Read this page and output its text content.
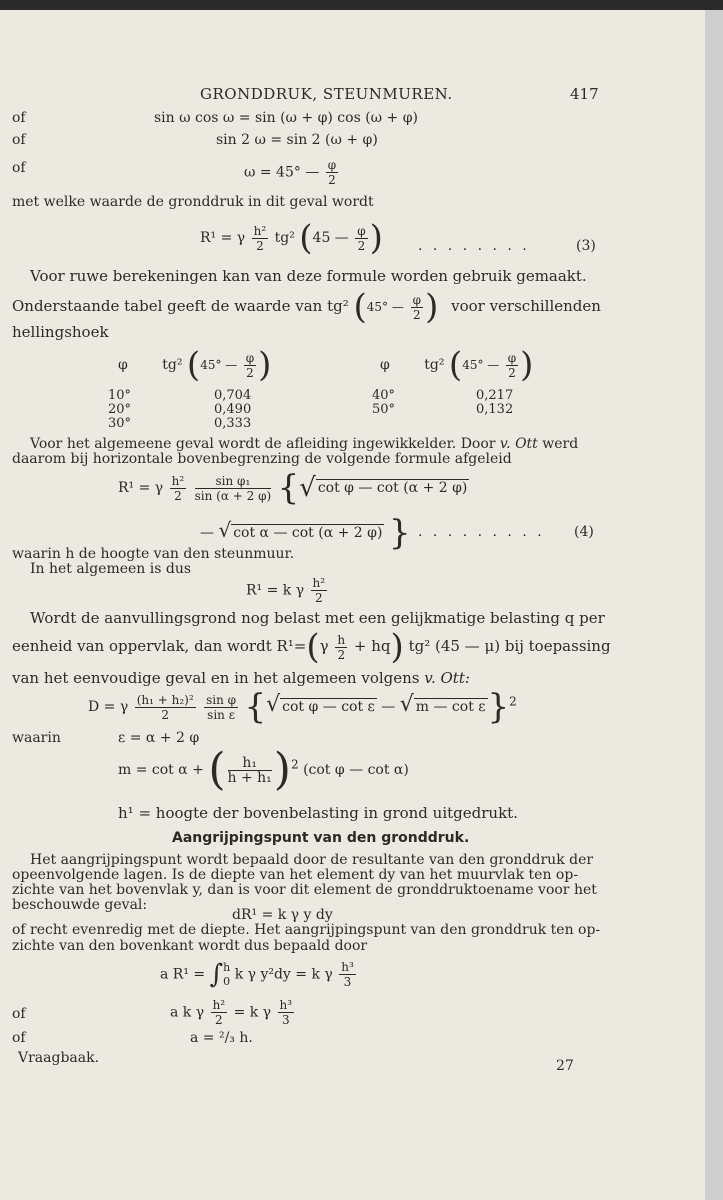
GRONDDRUK, STEUNMUREN.	417
of	sin ω cos ω = sin (ω + φ) cos (ω + φ)
of	sin 2 ω = sin 2 (ω + φ)
of	ω = 45° — $\frac{\varphi}{2}$
met welke waarde de gronddruk in dit geval wordt
R¹ = γ $\frac{\text{h²}}{2} tg^2$ (45 — $\frac{\varphi}{2}$ )	. . . . . . . .	(3)
Voor ruwe berekeningen kan van deze formule worden gebruik gemaakt.
Onderstaande tabel geeft de waarde van tg² (45° — $\frac{\varphi}{2}$ ) voor verschillenden
hellingshoek
φ tg² (45° — $\frac{\varphi}{2}$ )	φ tg² (45° — $\frac{\varphi}{2}$ )
10°	0,704
20°	0,490
30°	0,333
40°	0,217
50°	0,132
Voor het algemeene geval wordt de afleiding ingewikkelder. Door v. Ott werd
daarom bij horizontale bovenbegrenzing de volgende formule afgeleid
R¹ = γ $\frac{\text{h²}}{2}$
$\frac{\text{sin φ₁}}{\sin (\alpha + 2 \varphi)}$ {√ cot φ — cot (α + 2 φ)
— √ cot α — cot (α + 2 φ) } . . . . . . . . . (4)
waarin h de hoogte van den steunmuur.
In het algemeen is dus
R¹ = k γ $\frac{\text{h²}}{2}$
Wordt de aanvullingsgrond nog belast met een gelijkmatige belasting q per
eenheid van oppervlak, dan wordt $R^1=(\gamma \frac{h}{2} + hq)$ tg² (45 — μ) bij toepassing
van het eenvoudige geval en in het algemeen volgens v. Ott:
D = γ $\frac{\text{(h₁ + h₂)²}}{2}$
$\frac{\text{sin φ}}{\text{sin ε}}$ {√ cot φ — cot ε — √ m — cot ε}$^2$
waarin	ε = α + 2 φ
m = cot α + ( $\frac{\text{h₁}}{\text{h + h₁}} )^2$ (cot φ — cot α)
h¹ = hoogte der bovenbelasting in grond uitgedrukt.
Aangrijpingspunt van den gronddruk.
Het aangrijpingspunt wordt bepaald door de resultante van den gronddruk der
opeenvolgende lagen. Is de diepte van het element dy van het muurvlak ten op-
zichte van het bovenvlak y, dan is voor dit element de gronddruktoename voor het
beschouwde geval:
dR¹ = k γ y dy
of recht evenredig met de diepte. Het aangrijpingspunt van den gronddruk ten op-
zichte van den bovenkant wordt dus bepaald door
a R¹ = ∫ h
0 k γ y²dy = k γ $\frac{\text{h³}}{3}$
of	a k γ $\frac{\text{h²}}{2} = k$ γ $\frac{\text{h³}}{3}$
of	a = ²/₃ h.
Vraagbaak.	27
